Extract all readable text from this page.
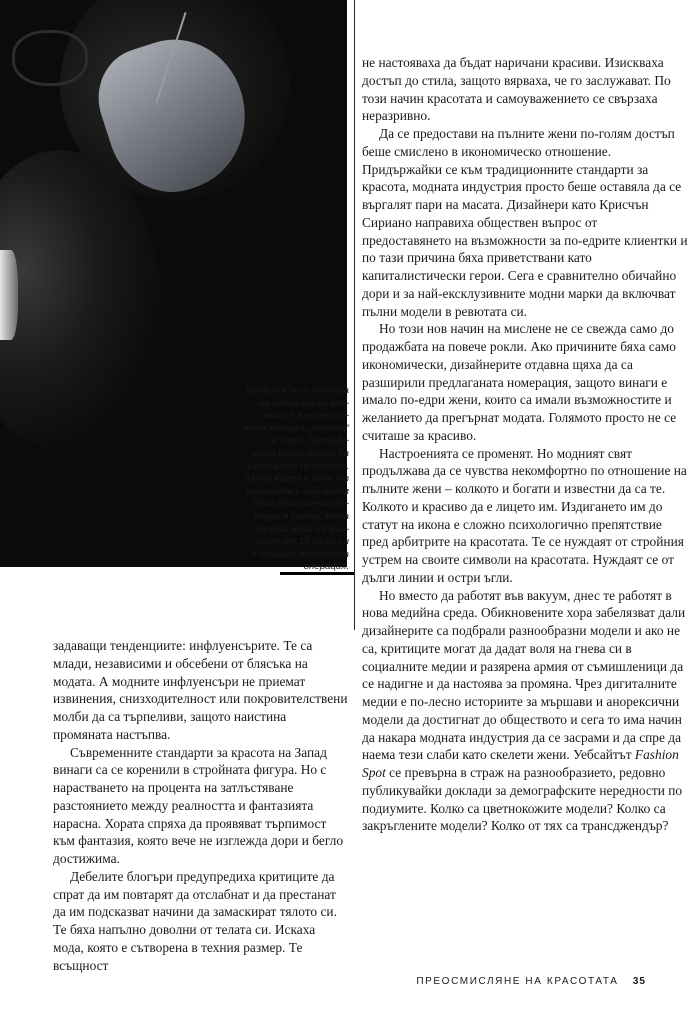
Хеджин Юн се подлага
на операция на кле-
пачите в естетич-
ната клиника „Хюндай“
в Сеул. Процеду-
рата прави очите да
изглеждат по-големи.
Южна Корея е една от
страните с най-голям
брой пластични опе-
рации в света; всяка
трета жена на Въз-
раст от 19 до 29 си
е правила пластична
операция.

не настояваха да бъдат наричани красиви. Изискваха достъп до стила, защото вярваха, че го заслужават. По този начин красотата и самоуважението се свързаха неразривно.

Да се предостави на пълните жени по-голям достъп беше смислено в икономическо отношение. Придържайки се към традиционните стандарти за красота, модната индустрия просто беше оставяла да се въргалят пари на масата. Дизайнери като Крисчън Сириано направиха обществен въпрос от предоставянето на възможности за по-едрите клиентки и по тази причина бяха приветствани като капиталистически герои. Сега е сравнително обичайно дори и за най-ексклузивните модни марки да включват пълни модели в ревютата си.

Но този нов начин на мислене не се свежда само до продажбата на повече рокли. Ако причините бяха само икономически, дизайнерите отдавна щяха да са разширили предлаганата номерация, защото винаги е имало по-едри жени, които са имали възможностите и желанието да прегърнат модата. Голямото просто не се считаше за красиво.

Настроенията се променят. Но модният свят продължава да се чувства некомфортно по отношение на пълните жени – колкото и богати и известни да са те. Колкото и красиво да е лицето им. Издигането им до статут на икона е сложно психологично препятствие пред арбитрите на красотата. Те се нуждаят от стройния устрем на своите символи на красотата. Нуждаят се от дълги линии и остри ъгли.

Но вместо да работят във вакуум, днес те работят в нова медийна среда. Обикновените хора забелязват дали дизайнерите са подбрали разнообразни модели и ако не са, критиците могат да дадат воля на гнева си в социалните медии и разярена армия от съмишленици да се надигне и да настоява за промяна. Чрез дигиталните медии е по-лесно историите за мършави и анорексични модели да достигнат до обществото и сега то има начин да накара модната индустрия да се засрами и да спре да наема тези слаби като скелети жени. Уебсайтът Fashion Spot се превърна в страж на разнообразието, редовно публикувайки доклади за демографските нередности по подиумите. Колко са цветнокожите модели? Колко са закръглените модели? Колко от тях са трансджендър?

задаващи тенденциите: инфлуенсърите. Те са млади, независими и обсебени от блясъка на модата. А модните инфлуенсъри не приемат извинения, снизходителност или покровителствени молби да са търпеливи, защото наистина промяната настъпва.

Съвременните стандарти за красота на Запад винаги са се коренили в стройната фигура. Но с нарастването на процента на затлъстяване разстоянието между реалността и фантазията нарасна. Хората спряха да проявяват търпимост към фантазия, която вече не изглежда дори и бегло достижима.

Дебелите блогъри предупредиха критиците да спрат да им повтарят да отслабнат и да престанат да им подсказват начини да замаскират тялото си. Те бяха напълно доволни от телата си. Искаха мода, която е сътворена в техния размер. Те всъщност

ПРЕОСМИСЛЯНЕ НА КРАСОТАТА 35
